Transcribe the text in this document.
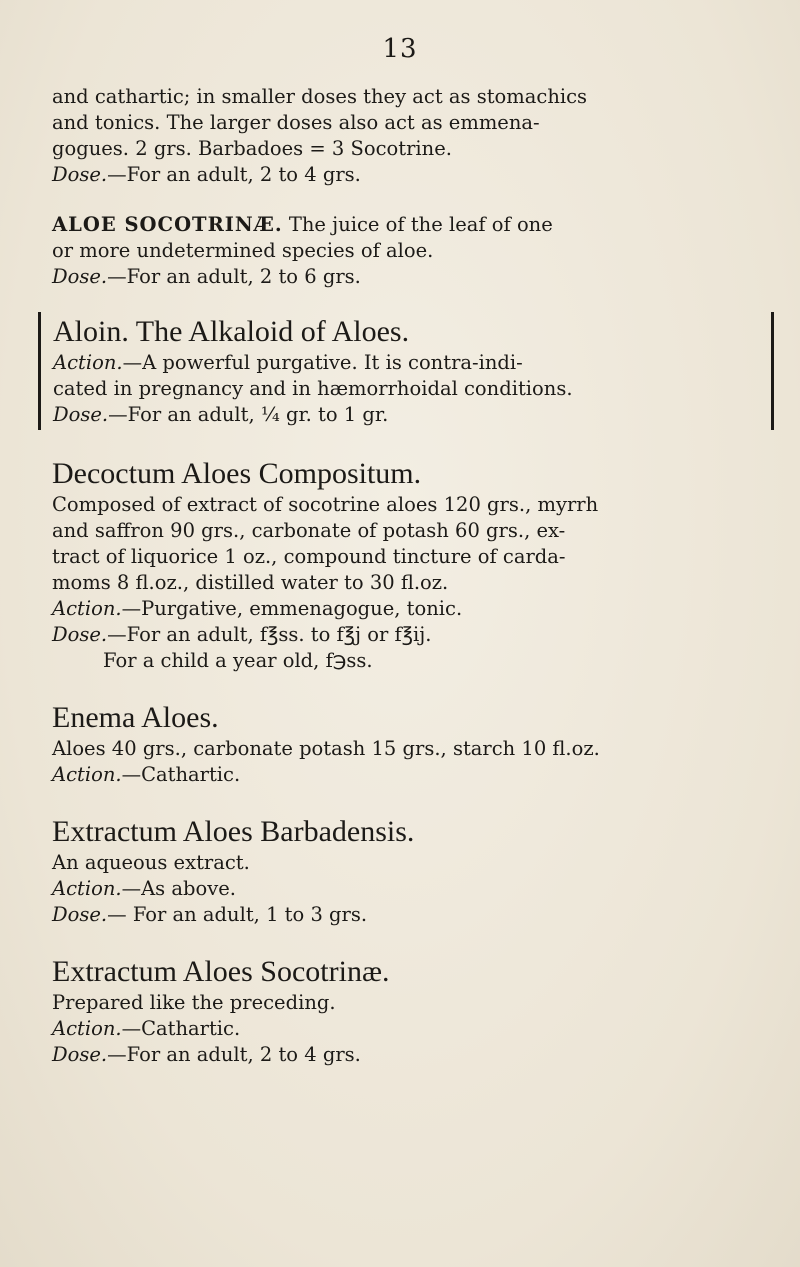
13

and cathartic; in smaller doses they act as stomachics

and tonics. The larger doses also act as emmena-

gogues. 2 grs. Barbadoes = 3 Socotrine.

Dose.—For an adult, 2 to 4 grs.

ALOE SOCOTRINÆ. The juice of the leaf of one

or more undetermined species of aloe.

Dose.—For an adult, 2 to 6 grs.

Aloin. The Alkaloid of Aloes.

Action.—A powerful purgative. It is contra-indi-

cated in pregnancy and in hæmorrhoidal conditions.

Dose.—For an adult, ¼ gr. to 1 gr.

Decoctum Aloes Compositum.

Composed of extract of socotrine aloes 120 grs., myrrh

and saffron 90 grs., carbonate of potash 60 grs., ex-

tract of liquorice 1 oz., compound tincture of carda-

moms 8 fl.oz., distilled water to 30 fl.oz.

Action.—Purgative, emmenagogue, tonic.

Dose.—For an adult, f℥ss. to f℥j or f℥ij.

For a child a year old, f℈ss.

Enema Aloes.

Aloes 40 grs., carbonate potash 15 grs., starch 10 fl.oz.

Action.—Cathartic.

Extractum Aloes Barbadensis.

An aqueous extract.

Action.—As above.

Dose.— For an adult, 1 to 3 grs.

Extractum Aloes Socotrinæ.

Prepared like the preceding.

Action.—Cathartic.

Dose.—For an adult, 2 to 4 grs.
